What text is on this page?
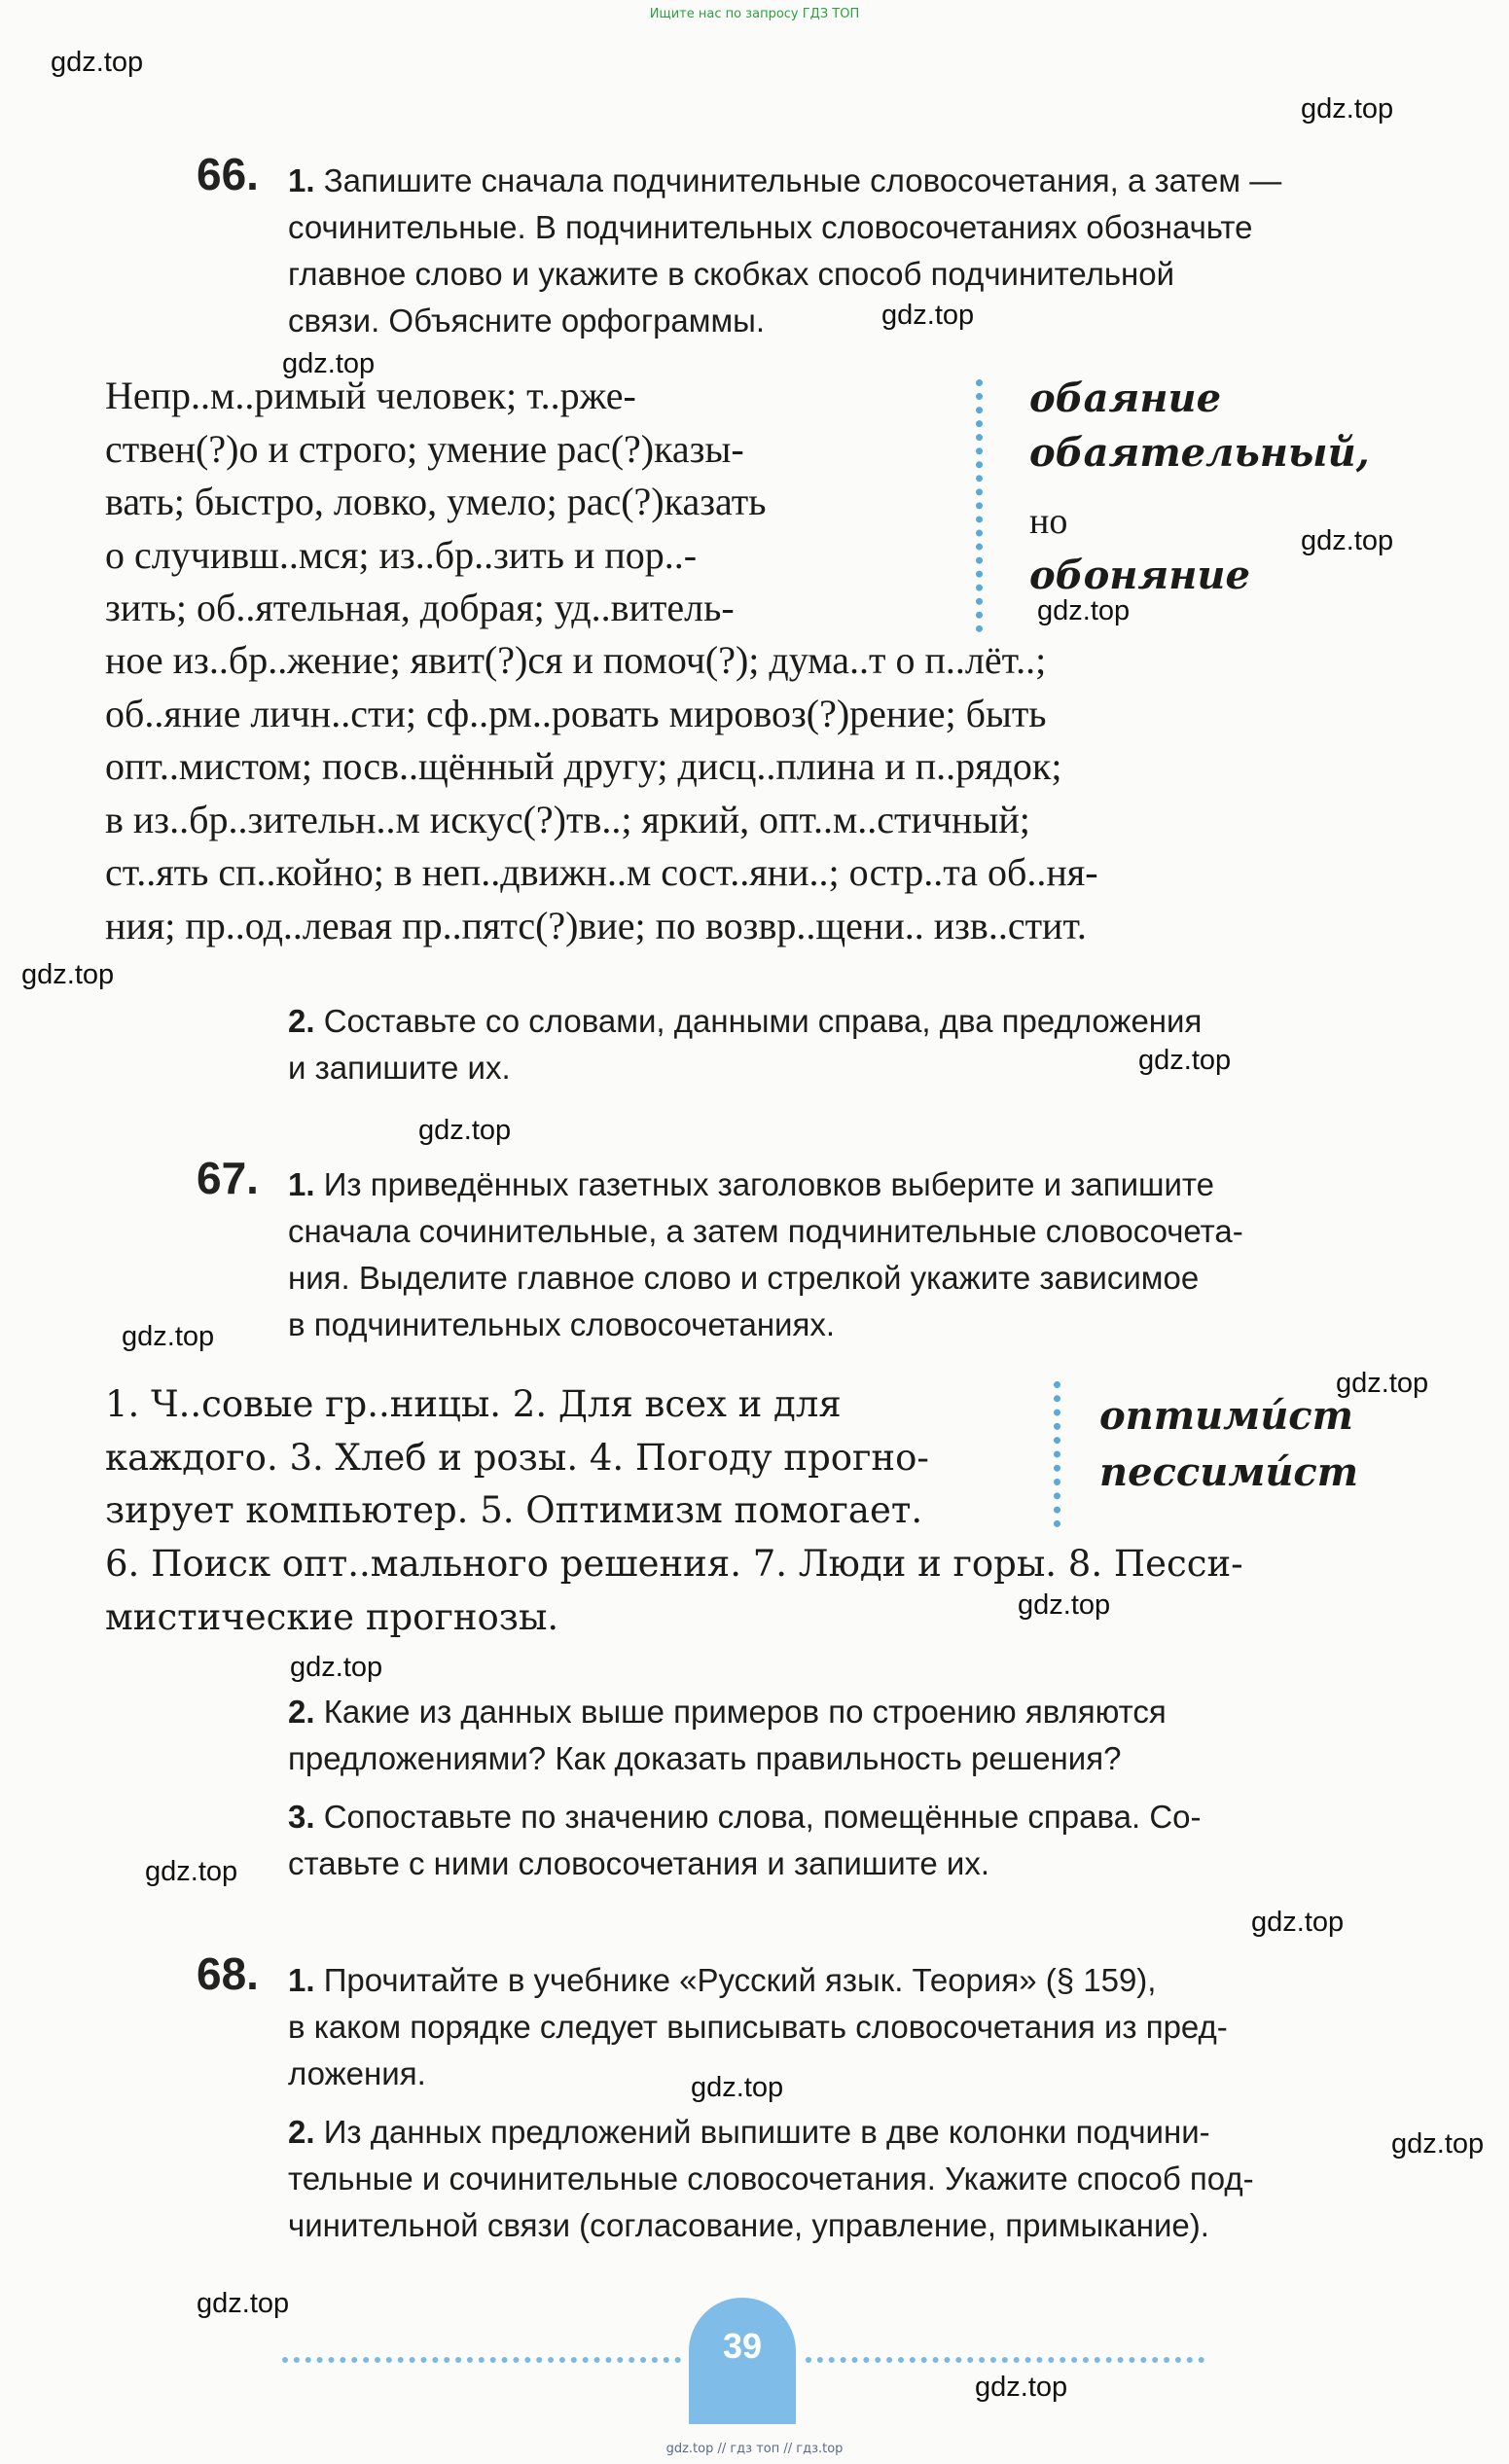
Ищите нас по запросу ГДЗ ТОП
gdz.top
gdz.top
gdz.top
gdz.top
gdz.top
gdz.top
gdz.top
gdz.top
gdz.top
gdz.top
gdz.top
gdz.top
gdz.top
gdz.top
gdz.top
gdz.top
gdz.top
gdz.top
gdz.top
66. 1. Запишите сначала подчинительные словосочетания, а затем —
сочинительные. В подчинительных словосочетаниях обозначьте
главное слово и укажите в скобках способ подчинительной
связи. Объясните орфограммы.
Непр..м..римый человек; т..рже-
ствен(?)о и строго; умение рас(?)казы-
вать; быстро, ловко, умело; рас(?)казать
о случивш..мся; из..бр..зить и пор..-
зить; об..ятельная, добрая; уд..витель-
обаяние
обаятельный,
но
обоняние
ное из..бр..жение; явит(?)ся и помоч(?); дума..т о п..лёт..;
об..яние личн..сти; сф..рм..ровать мировоз(?)рение; быть
опт..мистом; посв..щённый другу; дисц..плина и п..рядок;
в из..бр..зительн..м искус(?)тв..; яркий, опт..м..стичный;
ст..ять сп..койно; в неп..движн..м сост..яни..; остр..та об..ня-
ния; пр..од..левая пр..пятс(?)вие; по возвр..щени.. изв..стит.
2. Составьте со словами, данными справа, два предложения
и запишите их.
67. 1. Из приведённых газетных заголовков выберите и запишите
сначала сочинительные, а затем подчинительные словосочета-
ния. Выделите главное слово и стрелкой укажите зависимое
в подчинительных словосочетаниях.
1. Ч..совые гр..ницы. 2. Для всех и для
каждого. 3. Хлеб и розы. 4. Погоду прогно-
зирует компьютер. 5. Оптимизм помогает.
оптимúст
пессимúст
6. Поиск опт..мального решения. 7. Люди и горы. 8. Песси-
мистические прогнозы.
2. Какие из данных выше примеров по строению являются
предложениями? Как доказать правильность решения?
3. Сопоставьте по значению слова, помещённые справа. Со-
ставьте с ними словосочетания и запишите их.
68. 1. Прочитайте в учебнике «Русский язык. Теория» (§ 159),
в каком порядке следует выписывать словосочетания из пред-
ложения.
2. Из данных предложений выпишите в две колонки подчини-
тельные и сочинительные словосочетания. Укажите способ под-
чинительной связи (согласование, управление, примыкание).
39
gdz.top // гдз топ // гдз.top
